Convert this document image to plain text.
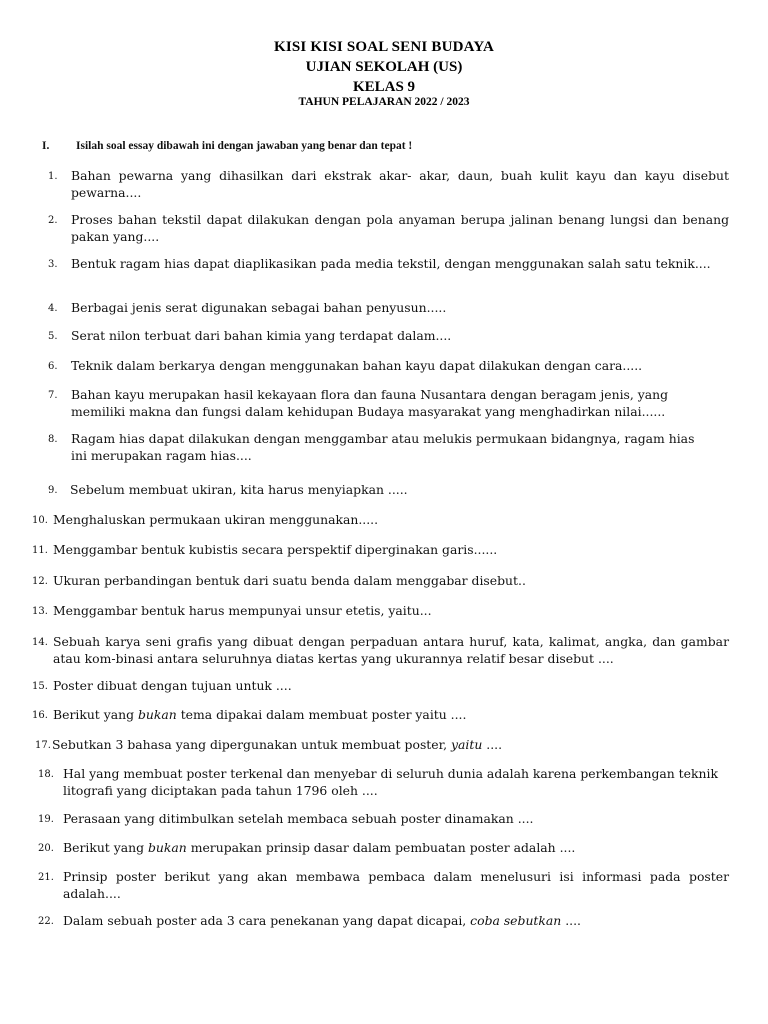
KISI KISI SOAL SENI BUDAYA
UJIAN SEKOLAH (US)
KELAS 9
TAHUN PELAJARAN 2022 / 2023
I. Isilah soal essay dibawah ini dengan jawaban yang benar dan tepat !
1. Bahan pewarna yang dihasilkan dari ekstrak akar- akar, daun, buah kulit kayu dan kayu disebut pewarna....
2. Proses bahan tekstil dapat dilakukan dengan pola anyaman berupa jalinan benang lungsi dan benang pakan yang....
3. Bentuk ragam hias dapat diaplikasikan pada media tekstil, dengan menggunakan salah satu teknik....
4. Berbagai jenis serat digunakan sebagai bahan penyusun.....
5. Serat nilon terbuat dari bahan kimia yang terdapat dalam....
6. Teknik dalam berkarya dengan menggunakan bahan kayu dapat dilakukan dengan cara.....
7. Bahan kayu merupakan hasil kekayaan flora dan fauna Nusantara dengan beragam jenis, yang memiliki makna dan fungsi dalam kehidupan Budaya masyarakat yang menghadirkan nilai......
8. Ragam hias dapat dilakukan dengan menggambar atau melukis permukaan bidangnya, ragam hias ini merupakan ragam hias....
9. Sebelum membuat ukiran, kita harus menyiapkan .....
10. Menghaluskan permukaan ukiran menggunakan.....
11. Menggambar bentuk kubistis secara perspektif diperginakan garis......
12. Ukuran perbandingan bentuk dari suatu benda dalam menggabar disebut..
13. Menggambar bentuk harus mempunyai unsur etetis, yaitu...
14. Sebuah karya seni grafis yang dibuat dengan perpaduan antara huruf, kata, kalimat, angka, dan gambar atau kom-binasi antara seluruhnya diatas kertas yang ukurannya relatif besar disebut ....
15. Poster dibuat dengan tujuan untuk ....
16. Berikut yang bukan tema dipakai dalam membuat poster yaitu ....
17. Sebutkan 3 bahasa yang dipergunakan untuk membuat poster, yaitu ....
18. Hal yang membuat poster terkenal dan menyebar di seluruh dunia adalah karena perkembangan teknik litografi yang diciptakan pada tahun 1796 oleh ....
19. Perasaan yang ditimbulkan setelah membaca sebuah poster dinamakan ....
20. Berikut yang bukan merupakan prinsip dasar dalam pembuatan poster adalah ....
21. Prinsip poster berikut yang akan membawa pembaca dalam menelusuri isi informasi pada poster adalah....
22. Dalam sebuah poster ada 3 cara penekanan yang dapat dicapai, coba sebutkan ....
